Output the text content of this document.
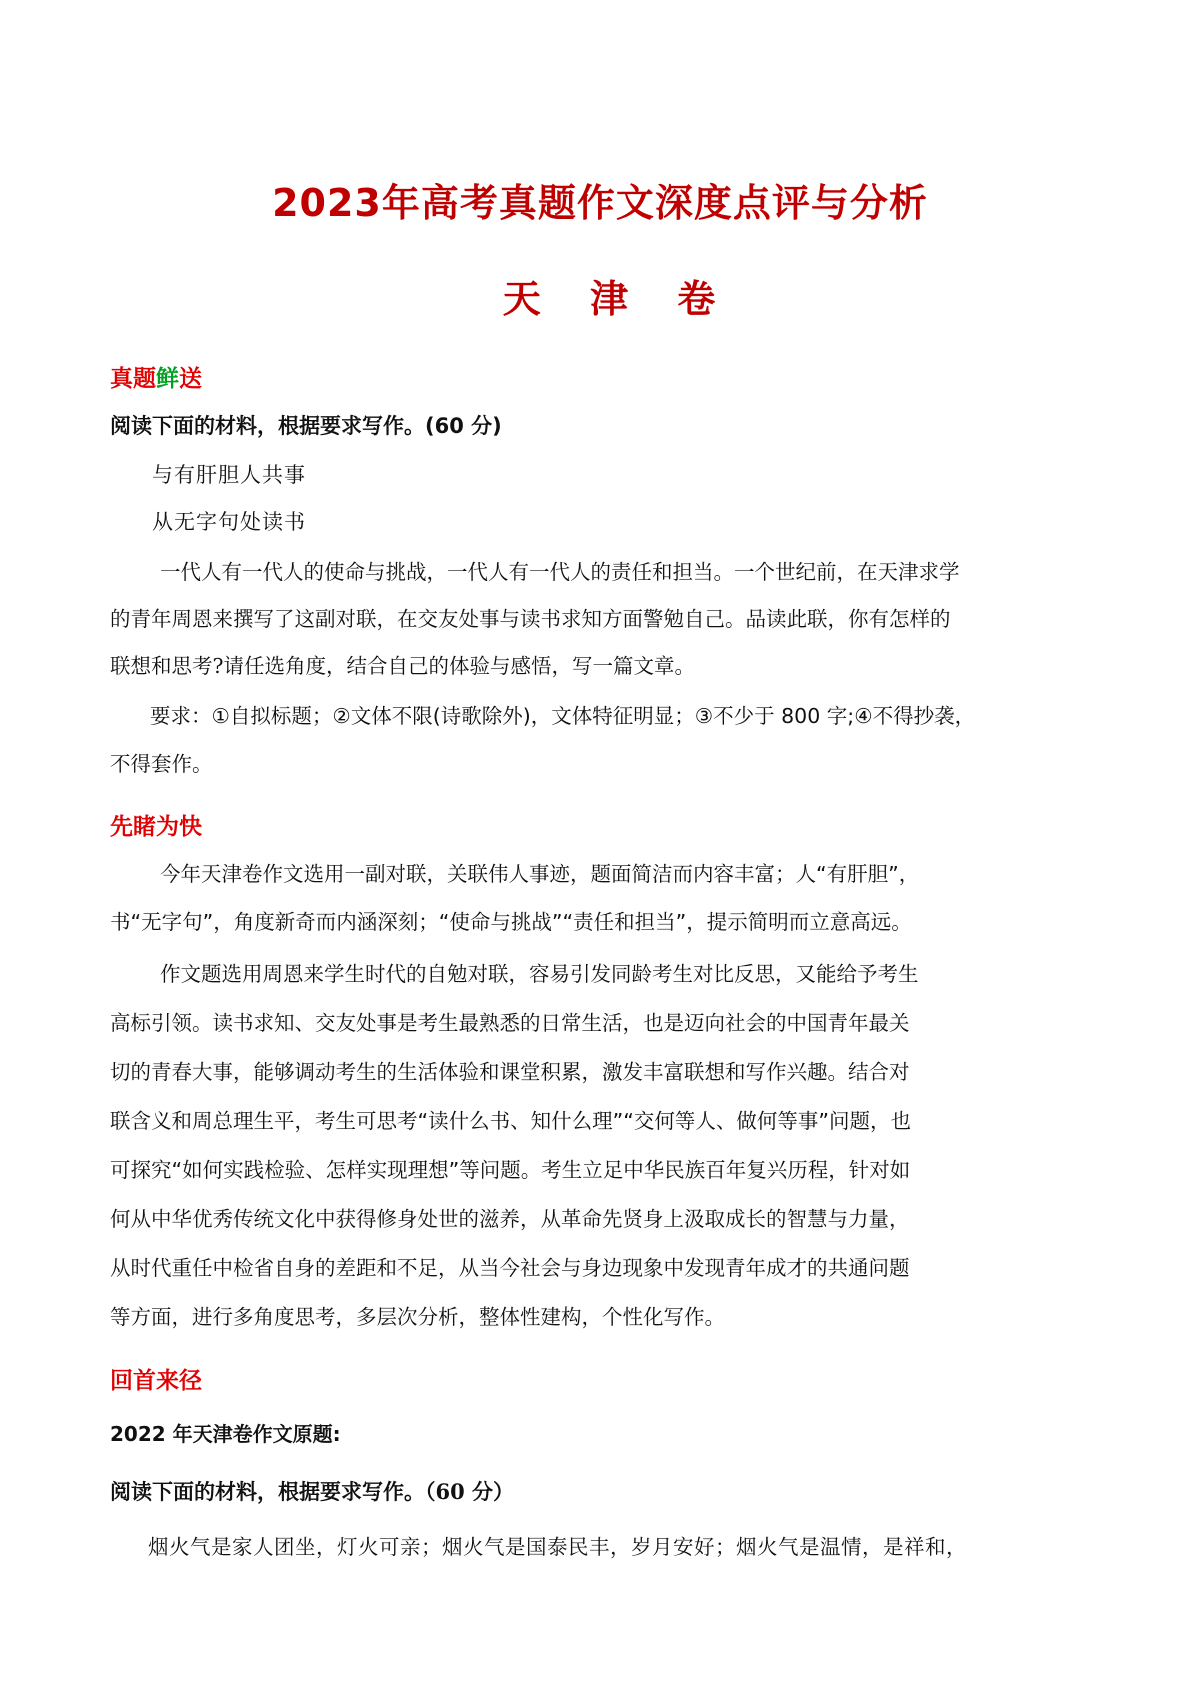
2023年高考真题作文深度点评与分析
天 津 卷
真题鲜送
阅读下面的材料，根据要求写作。(60 分)
与有肝胆人共事
从无字句处读书
一代人有一代人的使命与挑战，一代人有一代人的责任和担当。一个世纪前，在天津求学
的青年周恩来撰写了这副对联，在交友处事与读书求知方面警勉自己。品读此联，你有怎样的
联想和思考?请任选角度，结合自己的体验与感悟，写一篇文章。
要求：①自拟标题；②文体不限(诗歌除外)，文体特征明显；③不少于 800 字;④不得抄袭，
不得套作。
先睹为快
今年天津卷作文选用一副对联，关联伟人事迹，题面简洁而内容丰富；人“有肝胆”，
书“无字句”，角度新奇而内涵深刻；“使命与挑战”“责任和担当”，提示简明而立意高远。
作文题选用周恩来学生时代的自勉对联，容易引发同龄考生对比反思，又能给予考生
高标引领。读书求知、交友处事是考生最熟悉的日常生活，也是迈向社会的中国青年最关
切的青春大事，能够调动考生的生活体验和课堂积累，激发丰富联想和写作兴趣。结合对
联含义和周总理生平，考生可思考“读什么书、知什么理”“交何等人、做何等事”问题，也
可探究“如何实践检验、怎样实现理想”等问题。考生立足中华民族百年复兴历程，针对如
何从中华优秀传统文化中获得修身处世的滋养，从革命先贤身上汲取成长的智慧与力量，
从时代重任中检省自身的差距和不足，从当今社会与身边现象中发现青年成才的共通问题
等方面，进行多角度思考，多层次分析，整体性建构，个性化写作。
回首来径
2022 年天津卷作文原题:
阅读下面的材料，根据要求写作。（60 分）
烟火气是家人团坐，灯火可亲；烟火气是国泰民丰，岁月安好；烟火气是温情，是祥和，
